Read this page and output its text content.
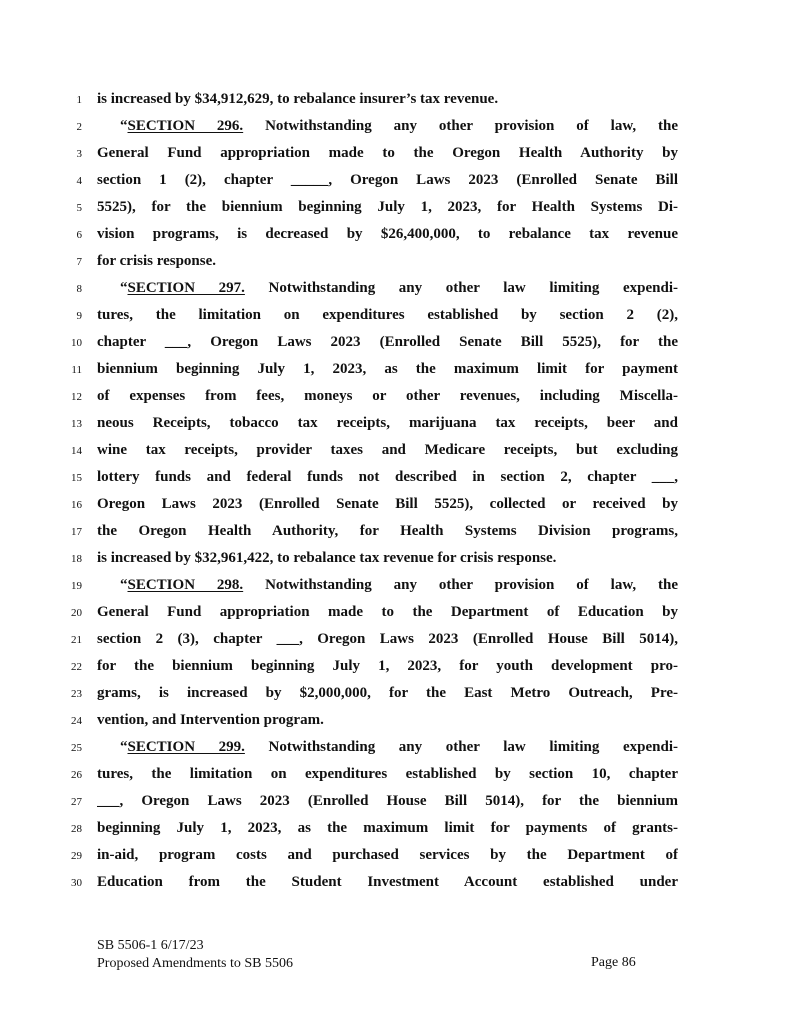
1 is increased by $34,912,629, to rebalance insurer’s tax revenue.
2	“SECTION 296. Notwithstanding any other provision of law, the
3 General Fund appropriation made to the Oregon Health Authority by
4 section 1 (2), chapter _____, Oregon Laws 2023 (Enrolled Senate Bill
5 5525), for the biennium beginning July 1, 2023, for Health Systems Di-
6 vision programs, is decreased by $26,400,000, to rebalance tax revenue
7 for crisis response.
8	“SECTION 297. Notwithstanding any other law limiting expendi-
9 tures, the limitation on expenditures established by section 2 (2),
10 chapter ___, Oregon Laws 2023 (Enrolled Senate Bill 5525), for the
11 biennium beginning July 1, 2023, as the maximum limit for payment
12 of expenses from fees, moneys or other revenues, including Miscella-
13 neous Receipts, tobacco tax receipts, marijuana tax receipts, beer and
14 wine tax receipts, provider taxes and Medicare receipts, but excluding
15 lottery funds and federal funds not described in section 2, chapter ___,
16 Oregon Laws 2023 (Enrolled Senate Bill 5525), collected or received by
17 the Oregon Health Authority, for Health Systems Division programs,
18 is increased by $32,961,422, to rebalance tax revenue for crisis response.
19	“SECTION 298. Notwithstanding any other provision of law, the
20 General Fund appropriation made to the Department of Education by
21 section 2 (3), chapter ___, Oregon Laws 2023 (Enrolled House Bill 5014),
22 for the biennium beginning July 1, 2023, for youth development pro-
23 grams, is increased by $2,000,000, for the East Metro Outreach, Pre-
24 vention, and Intervention program.
25	“SECTION 299. Notwithstanding any other law limiting expendi-
26 tures, the limitation on expenditures established by section 10, chapter
27 ___, Oregon Laws 2023 (Enrolled House Bill 5014), for the biennium
28 beginning July 1, 2023, as the maximum limit for payments of grants-
29 in-aid, program costs and purchased services by the Department of
30 Education from the Student Investment Account established under
SB 5506-1 6/17/23
Proposed Amendments to SB 5506	Page 86
